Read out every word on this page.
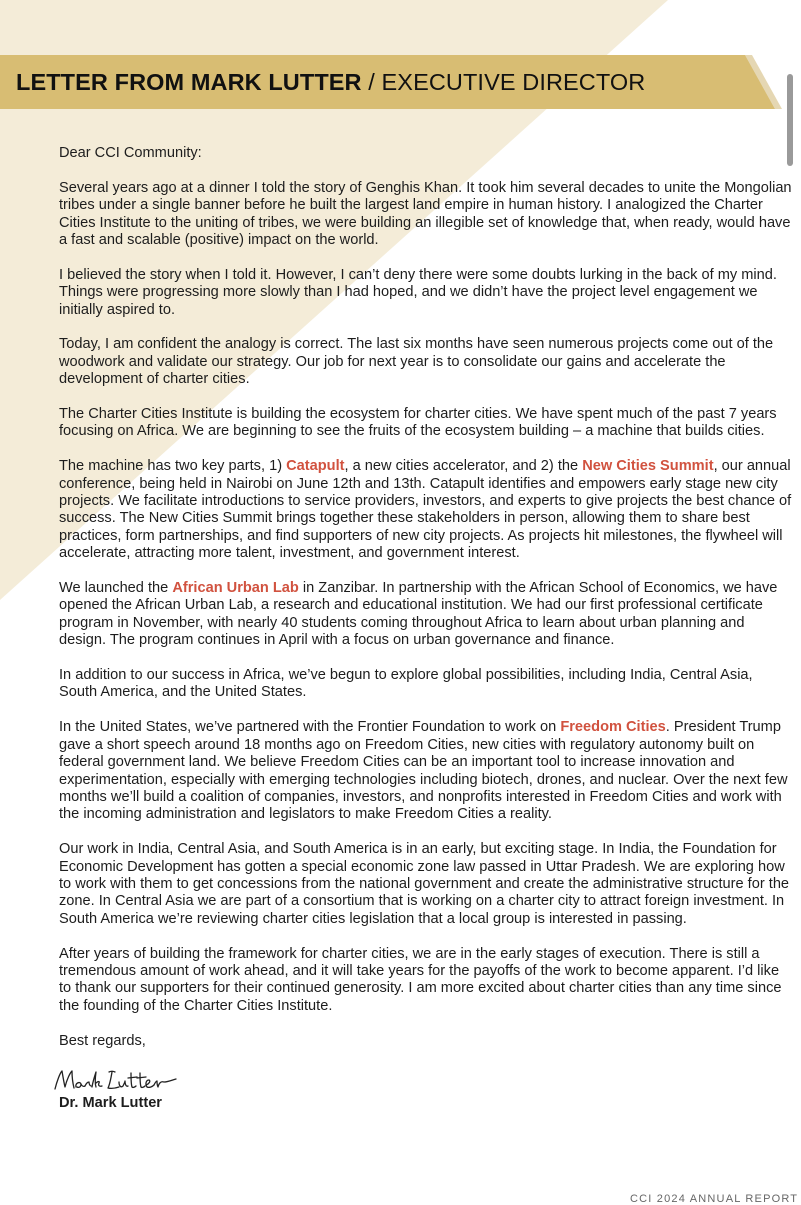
LETTER FROM MARK LUTTER / EXECUTIVE DIRECTOR

Dear CCI Community:

Several years ago at a dinner I told the story of Genghis Khan. It took him several decades to unite the Mongolian tribes under a single banner before he built the largest land empire in human history. I analogized the Charter Cities Institute to the uniting of tribes, we were building an illegible set of knowledge that, when ready, would have a fast and scalable (positive) impact on the world.

I believed the story when I told it. However, I can’t deny there were some doubts lurking in the back of my mind. Things were progressing more slowly than I had hoped, and we didn’t have the project level engagement we initially aspired to.

Today, I am confident the analogy is correct. The last six months have seen numerous projects come out of the woodwork and validate our strategy. Our job for next year is to consolidate our gains and accelerate the development of charter cities.

The Charter Cities Institute is building the ecosystem for charter cities. We have spent much of the past 7 years focusing on Africa. We are beginning to see the fruits of the ecosystem building – a machine that builds cities.

The machine has two key parts, 1) Catapult, a new cities accelerator, and 2) the New Cities Summit, our annual conference, being held in Nairobi on June 12th and 13th. Catapult identifies and empowers early stage new city projects. We facilitate introductions to service providers, investors, and experts to give projects the best chance of success. The New Cities Summit brings together these stakeholders in person, allowing them to share best practices, form partnerships, and find supporters of new city projects. As projects hit milestones, the flywheel will accelerate, attracting more talent, investment, and government interest.

We launched the African Urban Lab in Zanzibar. In partnership with the African School of Economics, we have opened the African Urban Lab, a research and educational institution. We had our first professional certificate program in November, with nearly 40 students coming throughout Africa to learn about urban planning and design. The program continues in April with a focus on urban governance and finance.

In addition to our success in Africa, we’ve begun to explore global possibilities, including India, Central Asia, South America, and the United States.

In the United States, we’ve partnered with the Frontier Foundation to work on Freedom Cities. President Trump gave a short speech around 18 months ago on Freedom Cities, new cities with regulatory autonomy built on federal government land. We believe Freedom Cities can be an important tool to increase innovation and experimentation, especially with emerging technologies including biotech, drones, and nuclear. Over the next few months we’ll build a coalition of companies, investors, and nonprofits interested in Freedom Cities and work with the incoming administration and legislators to make Freedom Cities a reality.

Our work in India, Central Asia, and South America is in an early, but exciting stage. In India, the Foundation for Economic Development has gotten a special economic zone law passed in Uttar Pradesh. We are exploring how to work with them to get concessions from the national government and create the administrative structure for the zone. In Central Asia we are part of a consortium that is working on a charter city to attract foreign investment. In South America we’re reviewing charter cities legislation that a local group is interested in passing.

After years of building the framework for charter cities, we are in the early stages of execution. There is still a tremendous amount of work ahead, and it will take years for the payoffs of the work to become apparent. I’d like to thank our supporters for their continued generosity. I am more excited about charter cities than any time since the founding of the Charter Cities Institute.

Best regards,

Dr. Mark Lutter

CCI 2024 ANNUAL REPORT
